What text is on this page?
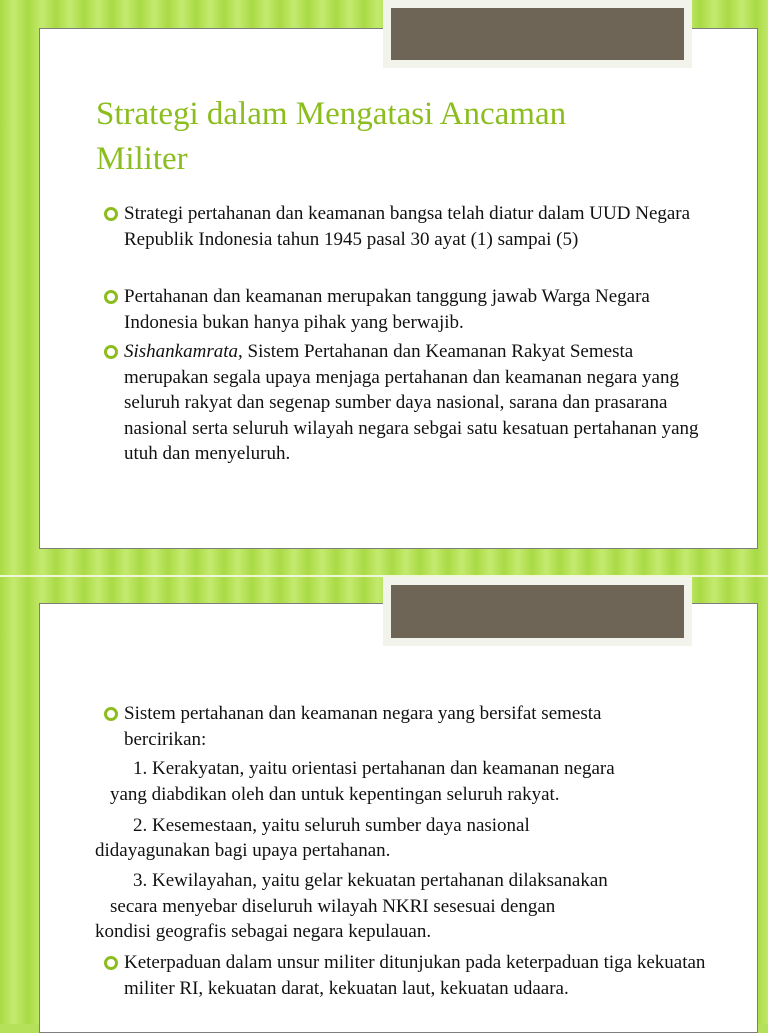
Strategi dalam Mengatasi Ancaman Militer
Strategi pertahanan dan keamanan bangsa telah diatur dalam UUD Negara Republik Indonesia tahun 1945 pasal 30 ayat (1) sampai (5)
Pertahanan dan keamanan merupakan tanggung jawab Warga Negara Indonesia bukan hanya pihak yang berwajib.
Sishankamrata, Sistem Pertahanan dan Keamanan Rakyat Semesta merupakan segala upaya menjaga pertahanan dan keamanan negara yang seluruh rakyat dan segenap sumber daya nasional, sarana dan prasarana nasional serta seluruh wilayah negara sebgai satu kesatuan pertahanan yang utuh dan menyeluruh.
Sistem pertahanan dan keamanan negara yang bersifat semesta
bercirikan:
1. Kerakyatan, yaitu orientasi pertahanan dan keamanan negara
yang diabdikan oleh dan untuk kepentingan seluruh rakyat.
2. Kesemestaan, yaitu seluruh sumber daya nasional
didayagunakan bagi upaya pertahanan.
3. Kewilayahan, yaitu gelar kekuatan pertahanan dilaksanakan
secara menyebar diseluruh wilayah NKRI sesesuai dengan
kondisi geografis sebagai negara kepulauan.
Keterpaduan dalam unsur militer ditunjukan pada keterpaduan tiga kekuatan militer RI, kekuatan darat, kekuatan laut, kekuatan udaara.
